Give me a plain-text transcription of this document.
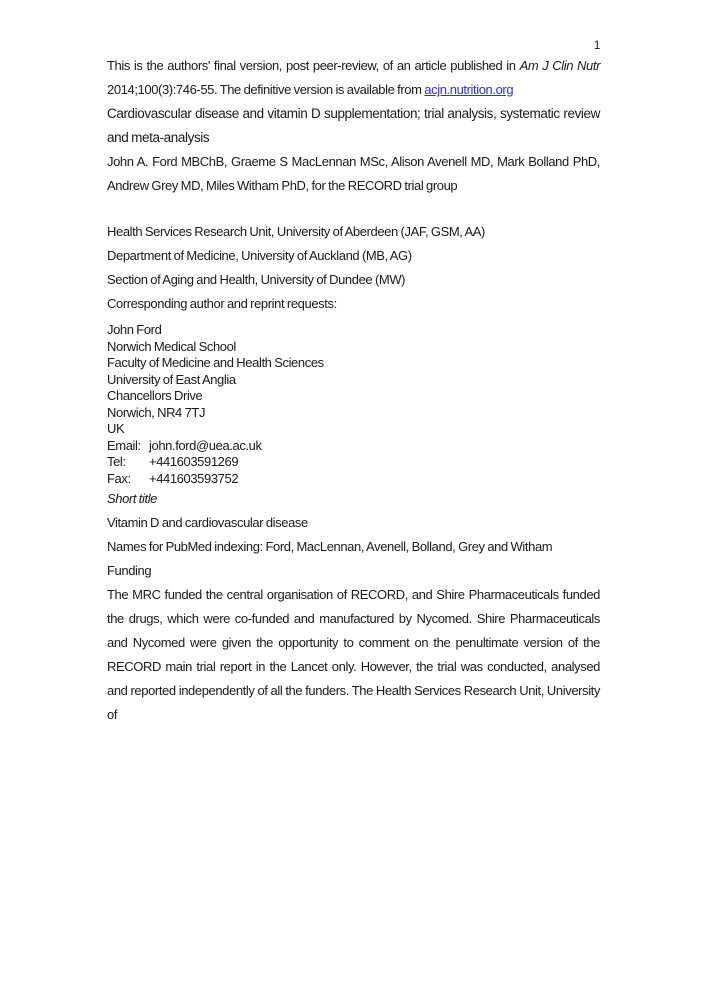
1

This is the authors' final version, post peer-review, of an article published in Am J Clin Nutr 2014;100(3):746-55. The definitive version is available from acjn.nutrition.org

Cardiovascular disease and vitamin D supplementation; trial analysis, systematic review and meta-analysis

John A. Ford MBChB, Graeme S MacLennan MSc, Alison Avenell MD, Mark Bolland PhD, Andrew Grey MD, Miles Witham PhD, for the RECORD trial group

Health Services Research Unit, University of Aberdeen (JAF, GSM, AA)

Department of Medicine, University of Auckland (MB, AG)

Section of Aging and Health, University of Dundee (MW)

Corresponding author and reprint requests:

John Ford

Norwich Medical School

Faculty of Medicine and Health Sciences

University of East Anglia

Chancellors Drive

Norwich, NR4 7TJ

UK

Email: john.ford@uea.ac.uk

Tel: +441603591269

Fax: +441603593752

Short title

Vitamin D and cardiovascular disease

Names for PubMed indexing: Ford, MacLennan, Avenell, Bolland, Grey and Witham

Funding

The MRC funded the central organisation of RECORD, and Shire Pharmaceuticals funded the drugs, which were co-funded and manufactured by Nycomed. Shire Pharmaceuticals and Nycomed were given the opportunity to comment on the penultimate version of the RECORD main trial report in the Lancet only. However, the trial was conducted, analysed and reported independently of all the funders. The Health Services Research Unit, University of
